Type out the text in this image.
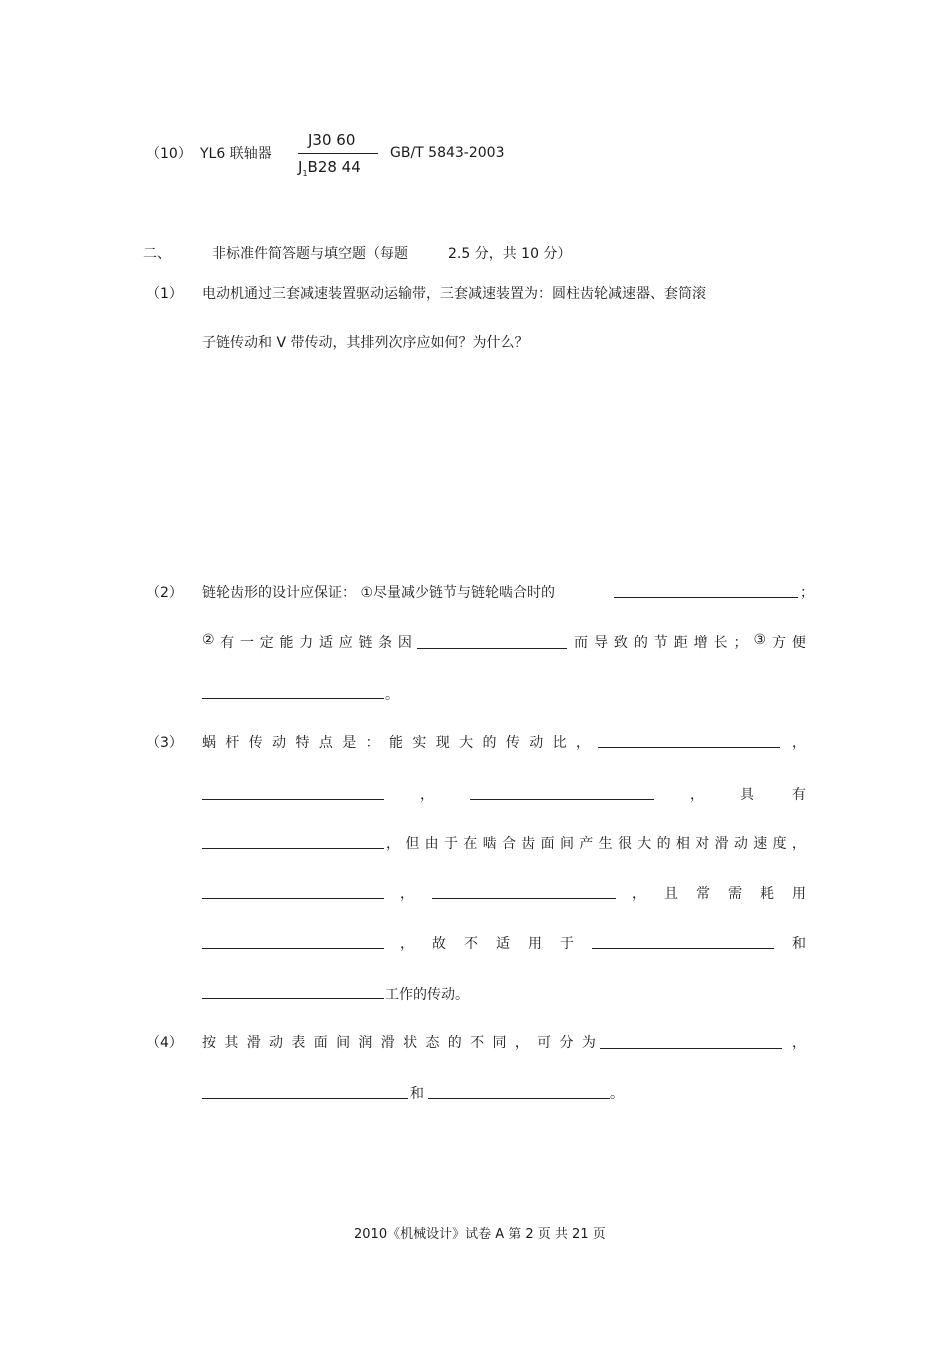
（10） YL6 联轴器
J30 60
$J_1B28$ 44
GB/T 5843-2003
二、	非标准件简答题与填空题（每题	2.5 分，共 10 分）
（1） 电动机通过三套减速装置驱动运输带，三套减速装置为：圆柱齿轮减速器、套筒滚
子链传动和 V 带传动，其排列次序应如何？为什么？
（2） 链轮齿形的设计应保证： ①尽量减少链节与链轮啮合时的	；
② 有 一 定 能 力 适 应 链 条 因	而 导 致 的 节 距 增 长 ； ③ 方 便
。
（3） 蜗 杆 传 动 特 点 是 ： 能 实 现 大 的 传 动 比 ，	，
，	，	具	有
， 但 由 于 在 啮 合 齿 面 间 产 生 很 大 的 相 对 滑 动 速 度 ，
，	， 且 常 需 耗 用
， 故 不 适 用 于	和
工作的传动。
（4） 按 其 滑 动 表 面 间 润 滑 状 态 的 不 同 ， 可 分 为	，
和	。
2010《机械设计》试卷 A 第 2 页 共 21 页
